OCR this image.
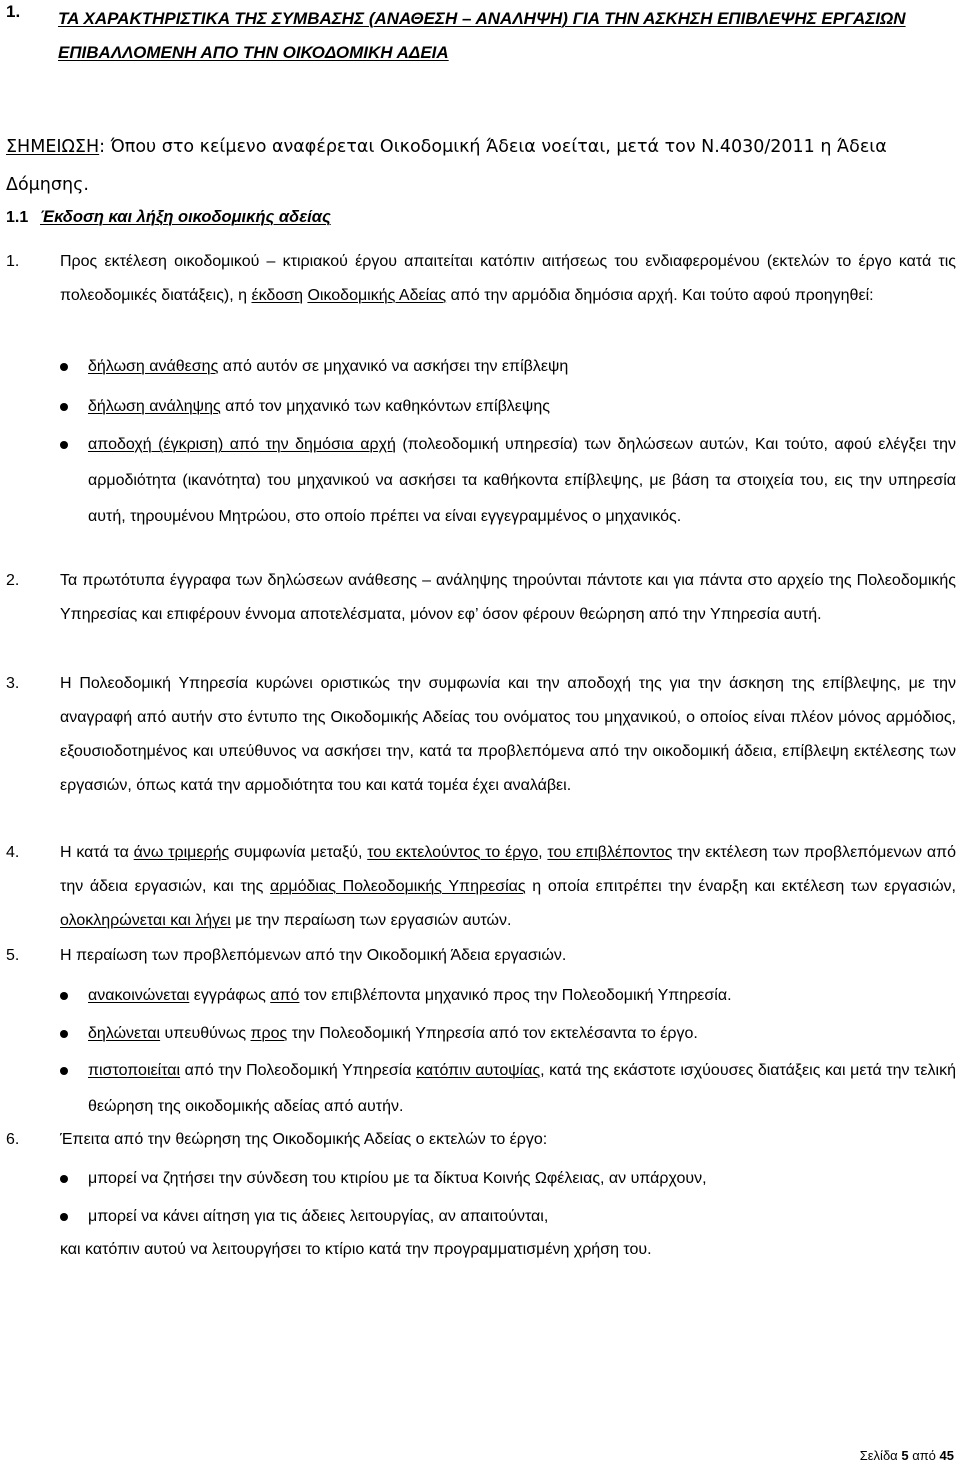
1. ΤΑ ΧΑΡΑΚΤΗΡΙΣΤΙΚΑ ΤΗΣ ΣΥΜΒΑΣΗΣ (ΑΝΑΘΕΣΗ – ΑΝΑΛΗΨΗ) ΓΙΑ ΤΗΝ ΑΣΚΗΣΗ ΕΠΙΒΛΕΨΗΣ ΕΡΓΑΣΙΩΝ ΕΠΙΒΑΛΛΟΜΕΝΗ ΑΠΟ ΤΗΝ ΟΙΚΟΔΟΜΙΚΗ ΑΔΕΙΑ
ΣΗΜΕΙΩΣΗ: Όπου στο κείμενο αναφέρεται Οικοδομική Άδεια νοείται, μετά τον Ν.4030/2011 η Άδεια Δόμησης.
1.1 Έκδοση και λήξη οικοδομικής αδείας
1.	Προς εκτέλεση οικοδομικού – κτιριακού έργου απαιτείται κατόπιν αιτήσεως του ενδιαφερομένου (εκτελών το έργο κατά τις πολεοδομικές διατάξεις), η έκδοση Οικοδομικής Αδείας από την αρμόδια δημόσια αρχή. Και τούτο αφού προηγηθεί:
δήλωση ανάθεσης από αυτόν σε μηχανικό να ασκήσει την επίβλεψη
δήλωση ανάληψης από τον μηχανικό των καθηκόντων επίβλεψης
αποδοχή (έγκριση) από την δημόσια αρχή (πολεοδομική υπηρεσία) των δηλώσεων αυτών, Και τούτο, αφού ελέγξει την αρμοδιότητα (ικανότητα) του μηχανικού να ασκήσει τα καθήκοντα επίβλεψης, με βάση τα στοιχεία του, εις την υπηρεσία αυτή, τηρουμένου Μητρώου, στο οποίο πρέπει να είναι εγγεγραμμένος ο μηχανικός.
2.	Τα πρωτότυπα έγγραφα των δηλώσεων ανάθεσης – ανάληψης τηρούνται πάντοτε και για πάντα στο αρχείο της Πολεοδομικής Υπηρεσίας και επιφέρουν έννομα αποτελέσματα, μόνον εφ’ όσον φέρουν θεώρηση από την Υπηρεσία αυτή.
3.	Η Πολεοδομική Υπηρεσία κυρώνει οριστικώς την συμφωνία και την αποδοχή της για την άσκηση της επίβλεψης, με την αναγραφή από αυτήν στο έντυπο της Οικοδομικής Αδείας του ονόματος του μηχανικού, ο οποίος είναι πλέον μόνος αρμόδιος, εξουσιοδοτημένος και υπεύθυνος να ασκήσει την, κατά τα προβλεπόμενα από την οικοδομική άδεια, επίβλεψη εκτέλεσης των εργασιών, όπως κατά την αρμοδιότητα του και κατά τομέα έχει αναλάβει.
4.	Η κατά τα άνω τριμερής συμφωνία μεταξύ, του εκτελούντος το έργο, του επιβλέποντος την εκτέλεση των προβλεπόμενων από την άδεια εργασιών, και της αρμόδιας Πολεοδομικής Υπηρεσίας η οποία επιτρέπει την έναρξη και εκτέλεση των εργασιών, ολοκληρώνεται και λήγει με την περαίωση των εργασιών αυτών.
5.	Η περαίωση των προβλεπόμενων από την Οικοδομική Άδεια εργασιών.
ανακοινώνεται εγγράφως από τον επιβλέποντα μηχανικό προς την Πολεοδομική Υπηρεσία.
δηλώνεται υπευθύνως προς την Πολεοδομική Υπηρεσία από τον εκτελέσαντα το έργο.
πιστοποιείται από την Πολεοδομική Υπηρεσία κατόπιν αυτοψίας, κατά της εκάστοτε ισχύουσες διατάξεις και μετά την τελική θεώρηση της οικοδομικής αδείας από αυτήν.
6.	Έπειτα από την θεώρηση της Οικοδομικής Αδείας ο εκτελών το έργο:
μπορεί να ζητήσει την σύνδεση του κτιρίου με τα δίκτυα Κοινής Ωφέλειας, αν υπάρχουν,
μπορεί να κάνει αίτηση για τις άδειες λειτουργίας, αν απαιτούνται,
και κατόπιν αυτού να λειτουργήσει το κτίριο κατά την προγραμματισμένη χρήση του.
Σελίδα 5 από 45
